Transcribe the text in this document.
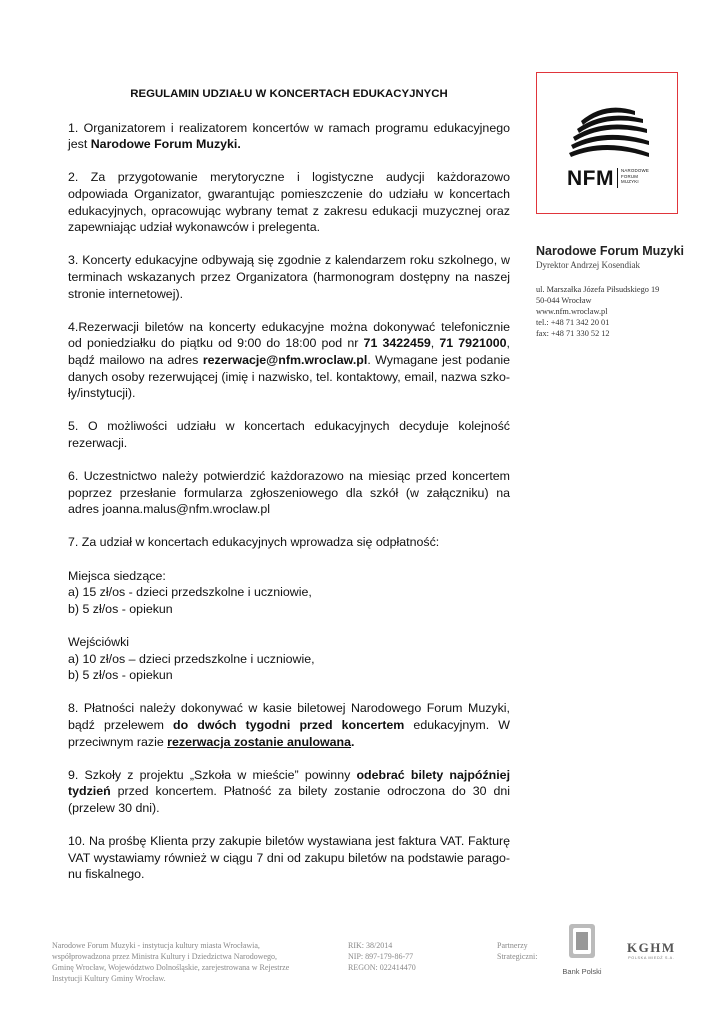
REGULAMIN UDZIAŁU W KONCERTACH EDUKACYJNYCH
1. Organizatorem i realizatorem koncertów w ramach programu edukacyjnego jest Narodowe Forum Muzyki.
2. Za przygotowanie merytoryczne i logistyczne audycji każdorazowo odpowiada Organizator, gwarantując pomieszczenie do udziału w koncertach edukacyjnych, opracowując wybrany temat z zakresu edukacji muzycznej oraz zapewniając udział wykonawców i prelegenta.
3. Koncerty edukacyjne odbywają się zgodnie z kalendarzem roku szkolnego, w terminach wskazanych przez Organizatora (harmonogram dostępny na naszej stronie internetowej).
4.Rezerwacji biletów na koncerty edukacyjne można dokonywać telefonicznie od poniedziałku do piątku od 9:00 do 18:00 pod nr 71 3422459, 71 7921000, bądź mailowo na adres rezerwacje@nfm.wroclaw.pl. Wymagane jest podanie danych osoby rezerwującej (imię i nazwisko, tel. kontaktowy, email, nazwa szkoły/instytucji).
5. O możliwości udziału w koncertach edukacyjnych decyduje kolejność rezerwacji.
6. Uczestnictwo należy potwierdzić każdorazowo na miesiąc przed koncertem poprzez przesłanie formularza zgłoszeniowego dla szkół (w załączniku) na adres joanna.malus@nfm.wroclaw.pl
7. Za udział w koncertach edukacyjnych wprowadza się odpłatność:
Miejsca siedzące:
a) 15 zł/os - dzieci przedszkolne i uczniowie,
b) 5 zł/os - opiekun
Wejściówki
a) 10 zł/os – dzieci przedszkolne i uczniowie,
b) 5 zł/os - opiekun
8. Płatności należy dokonywać w kasie biletowej Narodowego Forum Muzyki, bądź przelewem do dwóch tygodni przed koncertem edukacyjnym. W przeciwnym razie rezerwacja zostanie anulowana.
9. Szkoły z projektu „Szkoła w mieście” powinny odebrać bilety najpóźniej tydzień przed koncertem. Płatność za bilety zostanie odroczona do 30 dni (przelew 30 dni).
10. Na prośbę Klienta przy zakupie biletów wystawiana jest faktura VAT. Fakturę VAT wystawiamy również w ciągu 7 dni od zakupu biletów na podstawie paragonu fiskalnego.
NFM NARODOWE
FORUM
MUZYKI
Narodowe Forum Muzyki
Dyrektor Andrzej Kosendiak
ul. Marszałka Józefa Piłsudskiego 19
50-044 Wrocław
www.nfm.wroclaw.pl
tel.: +48 71 342 20 01
fax: +48 71 330 52 12
Narodowe Forum Muzyki - instytucja kultury miasta Wrocławia,
współprowadzona przez Ministra Kultury i Dziedzictwa Narodowego,
Gminę Wrocław, Województwo Dolnośląskie, zarejestrowana w Rejestrze
Instytucji Kultury Gminy Wrocław.
RIK: 38/2014
NIP: 897-179-86-77
REGON: 022414470
Partnerzy
Strategiczni:
Bank Polski
KGHM
POLSKA MIEDŹ S.A.
